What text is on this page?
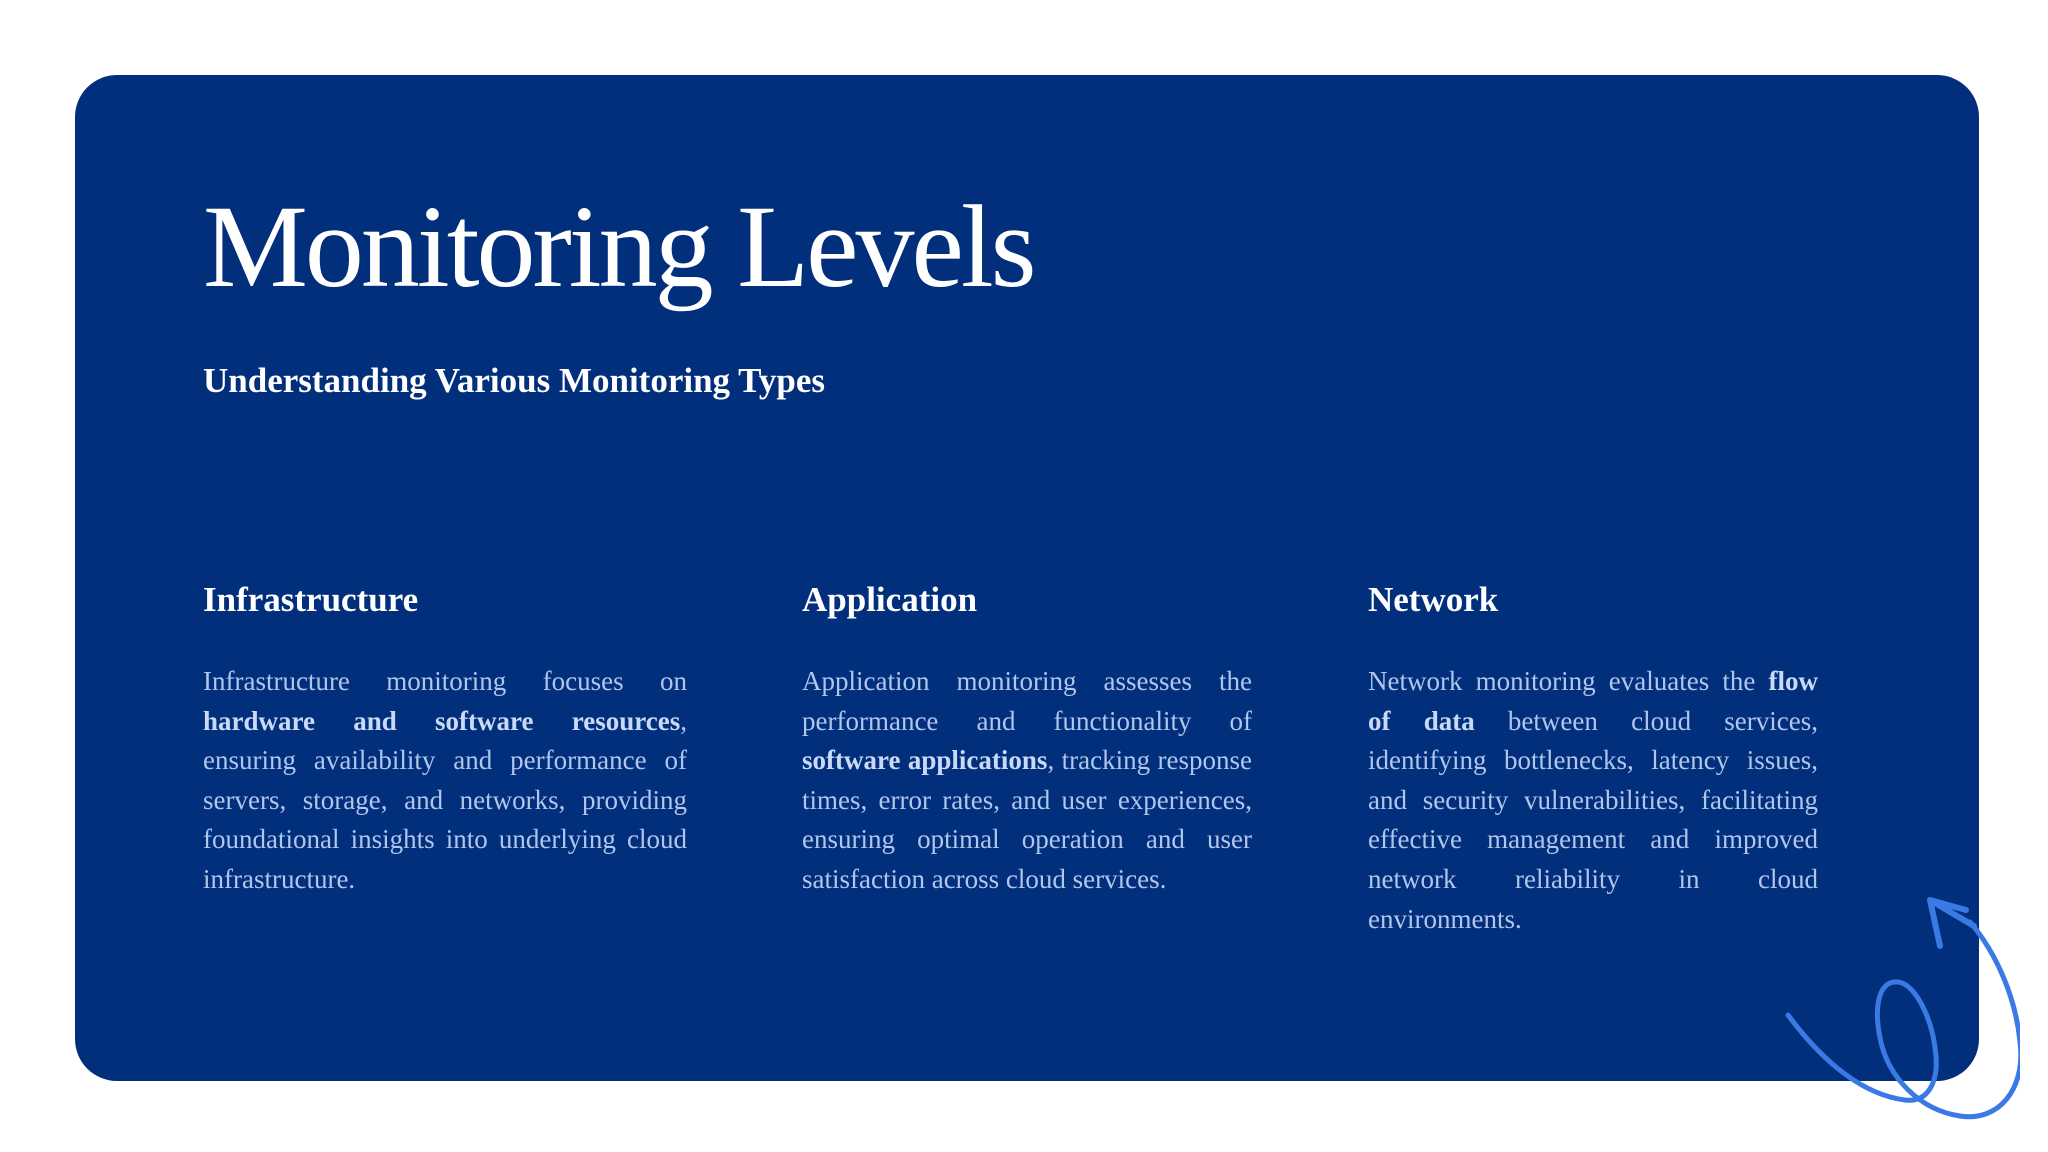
Monitoring Levels
Understanding Various Monitoring Types
Infrastructure

Infrastructure monitoring focuses on hardware and software resources, ensuring availability and performance of servers, storage, and networks, providing foundational insights into underlying cloud infrastructure.

Application

Application monitoring assesses the performance and functionality of software applications, tracking response times, error rates, and user experiences, ensuring optimal operation and user satisfaction across cloud services.

Network

Network monitoring evaluates the flow of data between cloud services, identifying bottlenecks, latency issues, and security vulnerabilities, facilitating effective management and improved network reliability in cloud environments.
